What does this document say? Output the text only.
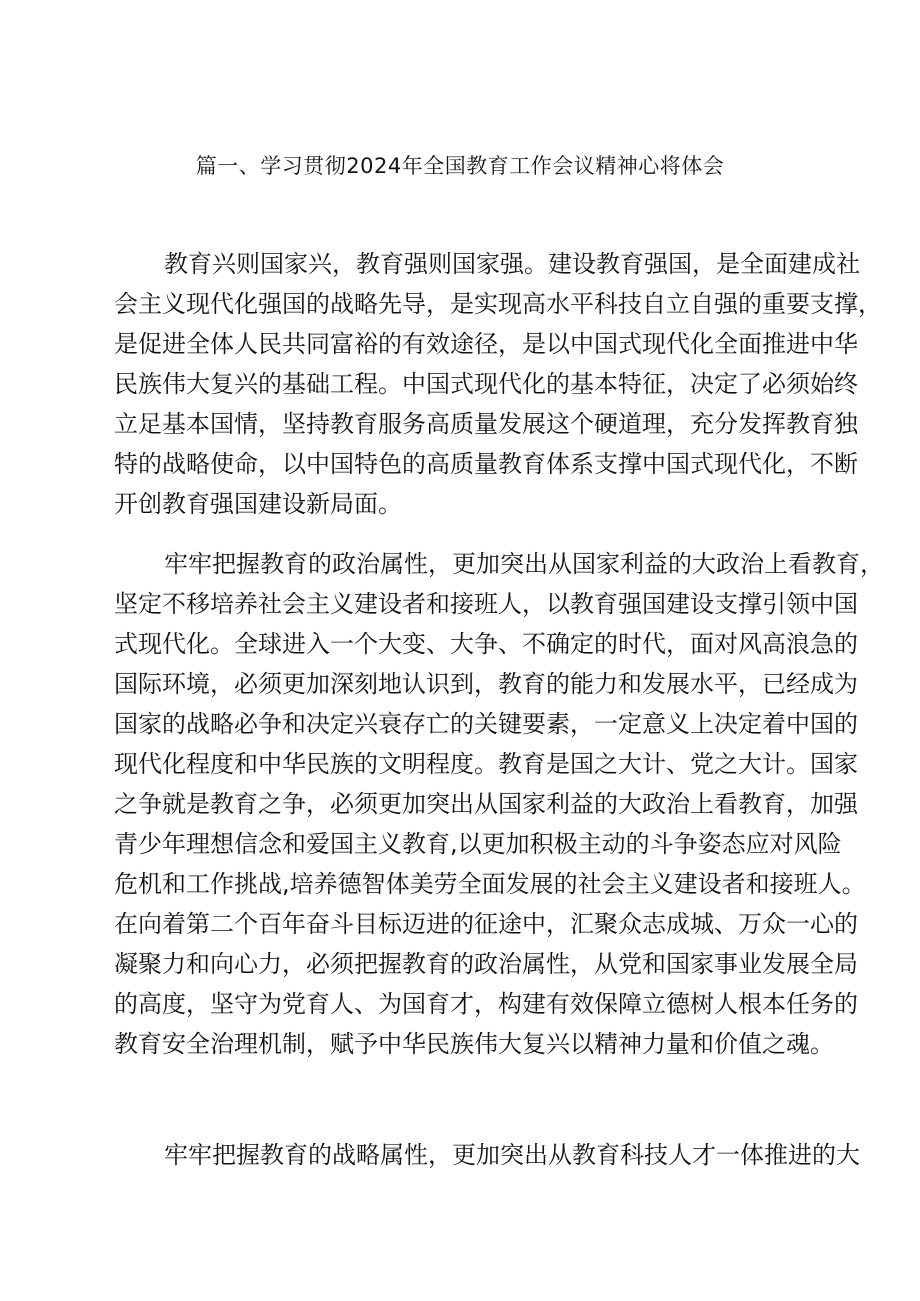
篇一、学习贯彻2024年全国教育工作会议精神心将体会
教育兴则国家兴，教育强则国家强。建设教育强国，是全面建成社
会主义现代化强国的战略先导，是实现高水平科技自立自强的重要支撑，
是促进全体人民共同富裕的有效途径，是以中国式现代化全面推进中华
民族伟大复兴的基础工程。中国式现代化的基本特征，决定了必须始终
立足基本国情，坚持教育服务高质量发展这个硬道理，充分发挥教育独
特的战略使命，以中国特色的高质量教育体系支撑中国式现代化，不断
开创教育强国建设新局面。
牢牢把握教育的政治属性，更加突出从国家利益的大政治上看教育，
坚定不移培养社会主义建设者和接班人，以教育强国建设支撑引领中国
式现代化。全球进入一个大变、大争、不确定的时代，面对风高浪急的
国际环境，必须更加深刻地认识到，教育的能力和发展水平，已经成为
国家的战略必争和决定兴衰存亡的关键要素，一定意义上决定着中国的
现代化程度和中华民族的文明程度。教育是国之大计、党之大计。国家
之争就是教育之争，必须更加突出从国家利益的大政治上看教育，加强
青少年理想信念和爱国主义教育,以更加积极主动的斗争姿态应对风险
危机和工作挑战,培养德智体美劳全面发展的社会主义建设者和接班人。
在向着第二个百年奋斗目标迈进的征途中，汇聚众志成城、万众一心的
凝聚力和向心力，必须把握教育的政治属性，从党和国家事业发展全局
的高度，坚守为党育人、为国育才，构建有效保障立德树人根本任务的
教育安全治理机制，赋予中华民族伟大复兴以精神力量和价值之魂。
牢牢把握教育的战略属性，更加突出从教育科技人才一体推进的大
